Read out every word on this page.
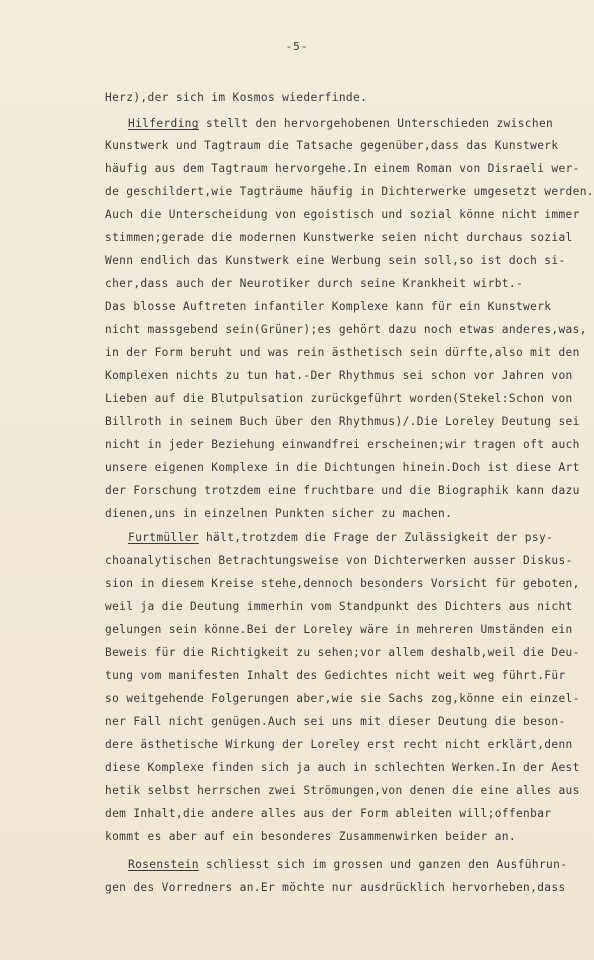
-5-
Herz),der sich im Kosmos wiederfinde.
Hilferding stellt den hervorgehobenen Unterschieden zwischen
Kunstwerk und Tagtraum die Tatsache gegenüber,dass das Kunstwerk
häufig aus dem Tagtraum hervorgehe.In einem Roman von Disraeli wer-
de geschildert,wie Tagträume häufig in Dichterwerke umgesetzt werden.
Auch die Unterscheidung von egoistisch und sozial könne nicht immer
stimmen;gerade die modernen Kunstwerke seien nicht durchaus sozial
Wenn endlich das Kunstwerk eine Werbung sein soll,so ist doch si-
cher,dass auch der Neurotiker durch seine Krankheit wirbt.-
Das blosse Auftreten infantiler Komplexe kann für ein Kunstwerk
nicht massgebend sein(Grüner);es gehört dazu noch etwas anderes,was,
in der Form beruht und was rein ästhetisch sein dürfte,also mit den
Komplexen nichts zu tun hat.-Der Rhythmus sei schon vor Jahren von
Lieben auf die Blutpulsation zurückgeführt worden(Stekel:Schon von
Billroth in seinem Buch über den Rhythmus)/.Die Loreley Deutung sei
nicht in jeder Beziehung einwandfrei erscheinen;wir tragen oft auch
unsere eigenen Komplexe in die Dichtungen hinein.Doch ist diese Art
der Forschung trotzdem eine fruchtbare und die Biographik kann dazu
dienen,uns in einzelnen Punkten sicher zu machen.
Furtmüller hält,trotzdem die Frage der Zulässigkeit der psy-
choanalytischen Betrachtungsweise von Dichterwerken ausser Diskus-
sion in diesem Kreise stehe,dennoch besonders Vorsicht für geboten,
weil ja die Deutung immerhin vom Standpunkt des Dichters aus nicht
gelungen sein könne.Bei der Loreley wäre in mehreren Umständen ein
Beweis für die Richtigkeit zu sehen;vor allem deshalb,weil die Deu-
tung vom manifesten Inhalt des Gedichtes nicht weit weg führt.Für
so weitgehende Folgerungen aber,wie sie Sachs zog,könne ein einzel-
ner Fall nicht genügen.Auch sei uns mit dieser Deutung die beson-
dere ästhetische Wirkung der Loreley erst recht nicht erklärt,denn
diese Komplexe finden sich ja auch in schlechten Werken.In der Aest
hetik selbst herrschen zwei Strömungen,von denen die eine alles aus
dem Inhalt,die andere alles aus der Form ableiten will;offenbar
kommt es aber auf ein besonderes Zusammenwirken beider an.
Rosenstein schliesst sich im grossen und ganzen den Ausführun-
gen des Vorredners an.Er möchte nur ausdrücklich hervorheben,dass
